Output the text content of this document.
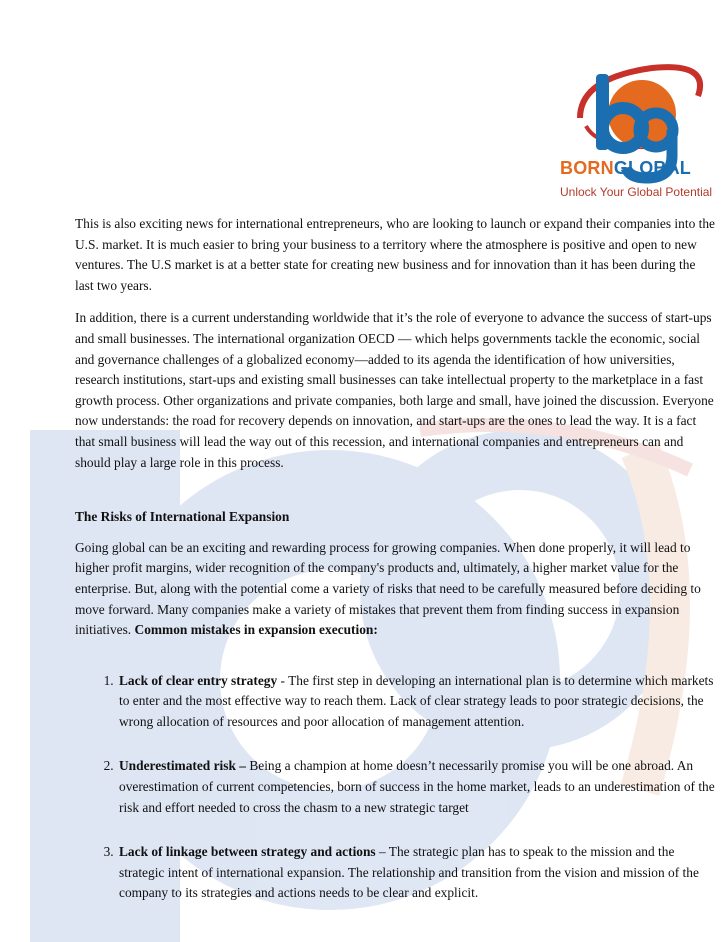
BORNGLOBAL
Unlock Your Global Potential

This is also exciting news for international entrepreneurs, who are looking to launch or expand their companies into the U.S. market. It is much easier to bring your business to a territory where the atmosphere is positive and open to new ventures. The U.S market is at a better state for creating new business and for innovation than it has been during the last two years.

In addition, there is a current understanding worldwide that it’s the role of everyone to advance the success of start-ups and small businesses. The international organization OECD — which helps governments tackle the economic, social and governance challenges of a globalized economy—added to its agenda the identification of how universities, research institutions, start-ups and existing small businesses can take intellectual property to the marketplace in a fast growth process. Other organizations and private companies, both large and small, have joined the discussion. Everyone now understands: the road for recovery depends on innovation, and start-ups are the ones to lead the way. It is a fact that small business will lead the way out of this recession, and international companies and entrepreneurs can and should play a large role in this process.

The Risks of International Expansion

Going global can be an exciting and rewarding process for growing companies. When done properly, it will lead to higher profit margins, wider recognition of the company's products and, ultimately, a higher market value for the enterprise. But, along with the potential come a variety of risks that need to be carefully measured before deciding to move forward. Many companies make a variety of mistakes that prevent them from finding success in expansion initiatives. Common mistakes in expansion execution:

1. Lack of clear entry strategy - The first step in developing an international plan is to determine which markets to enter and the most effective way to reach them. Lack of clear strategy leads to poor strategic decisions, the wrong allocation of resources and poor allocation of management attention.
2. Underestimated risk – Being a champion at home doesn’t necessarily promise you will be one abroad. An overestimation of current competencies, born of success in the home market, leads to an underestimation of the risk and effort needed to cross the chasm to a new strategic target
3. Lack of linkage between strategy and actions – The strategic plan has to speak to the mission and the strategic intent of international expansion. The relationship and transition from the vision and mission of the company to its strategies and actions needs to be clear and explicit.
